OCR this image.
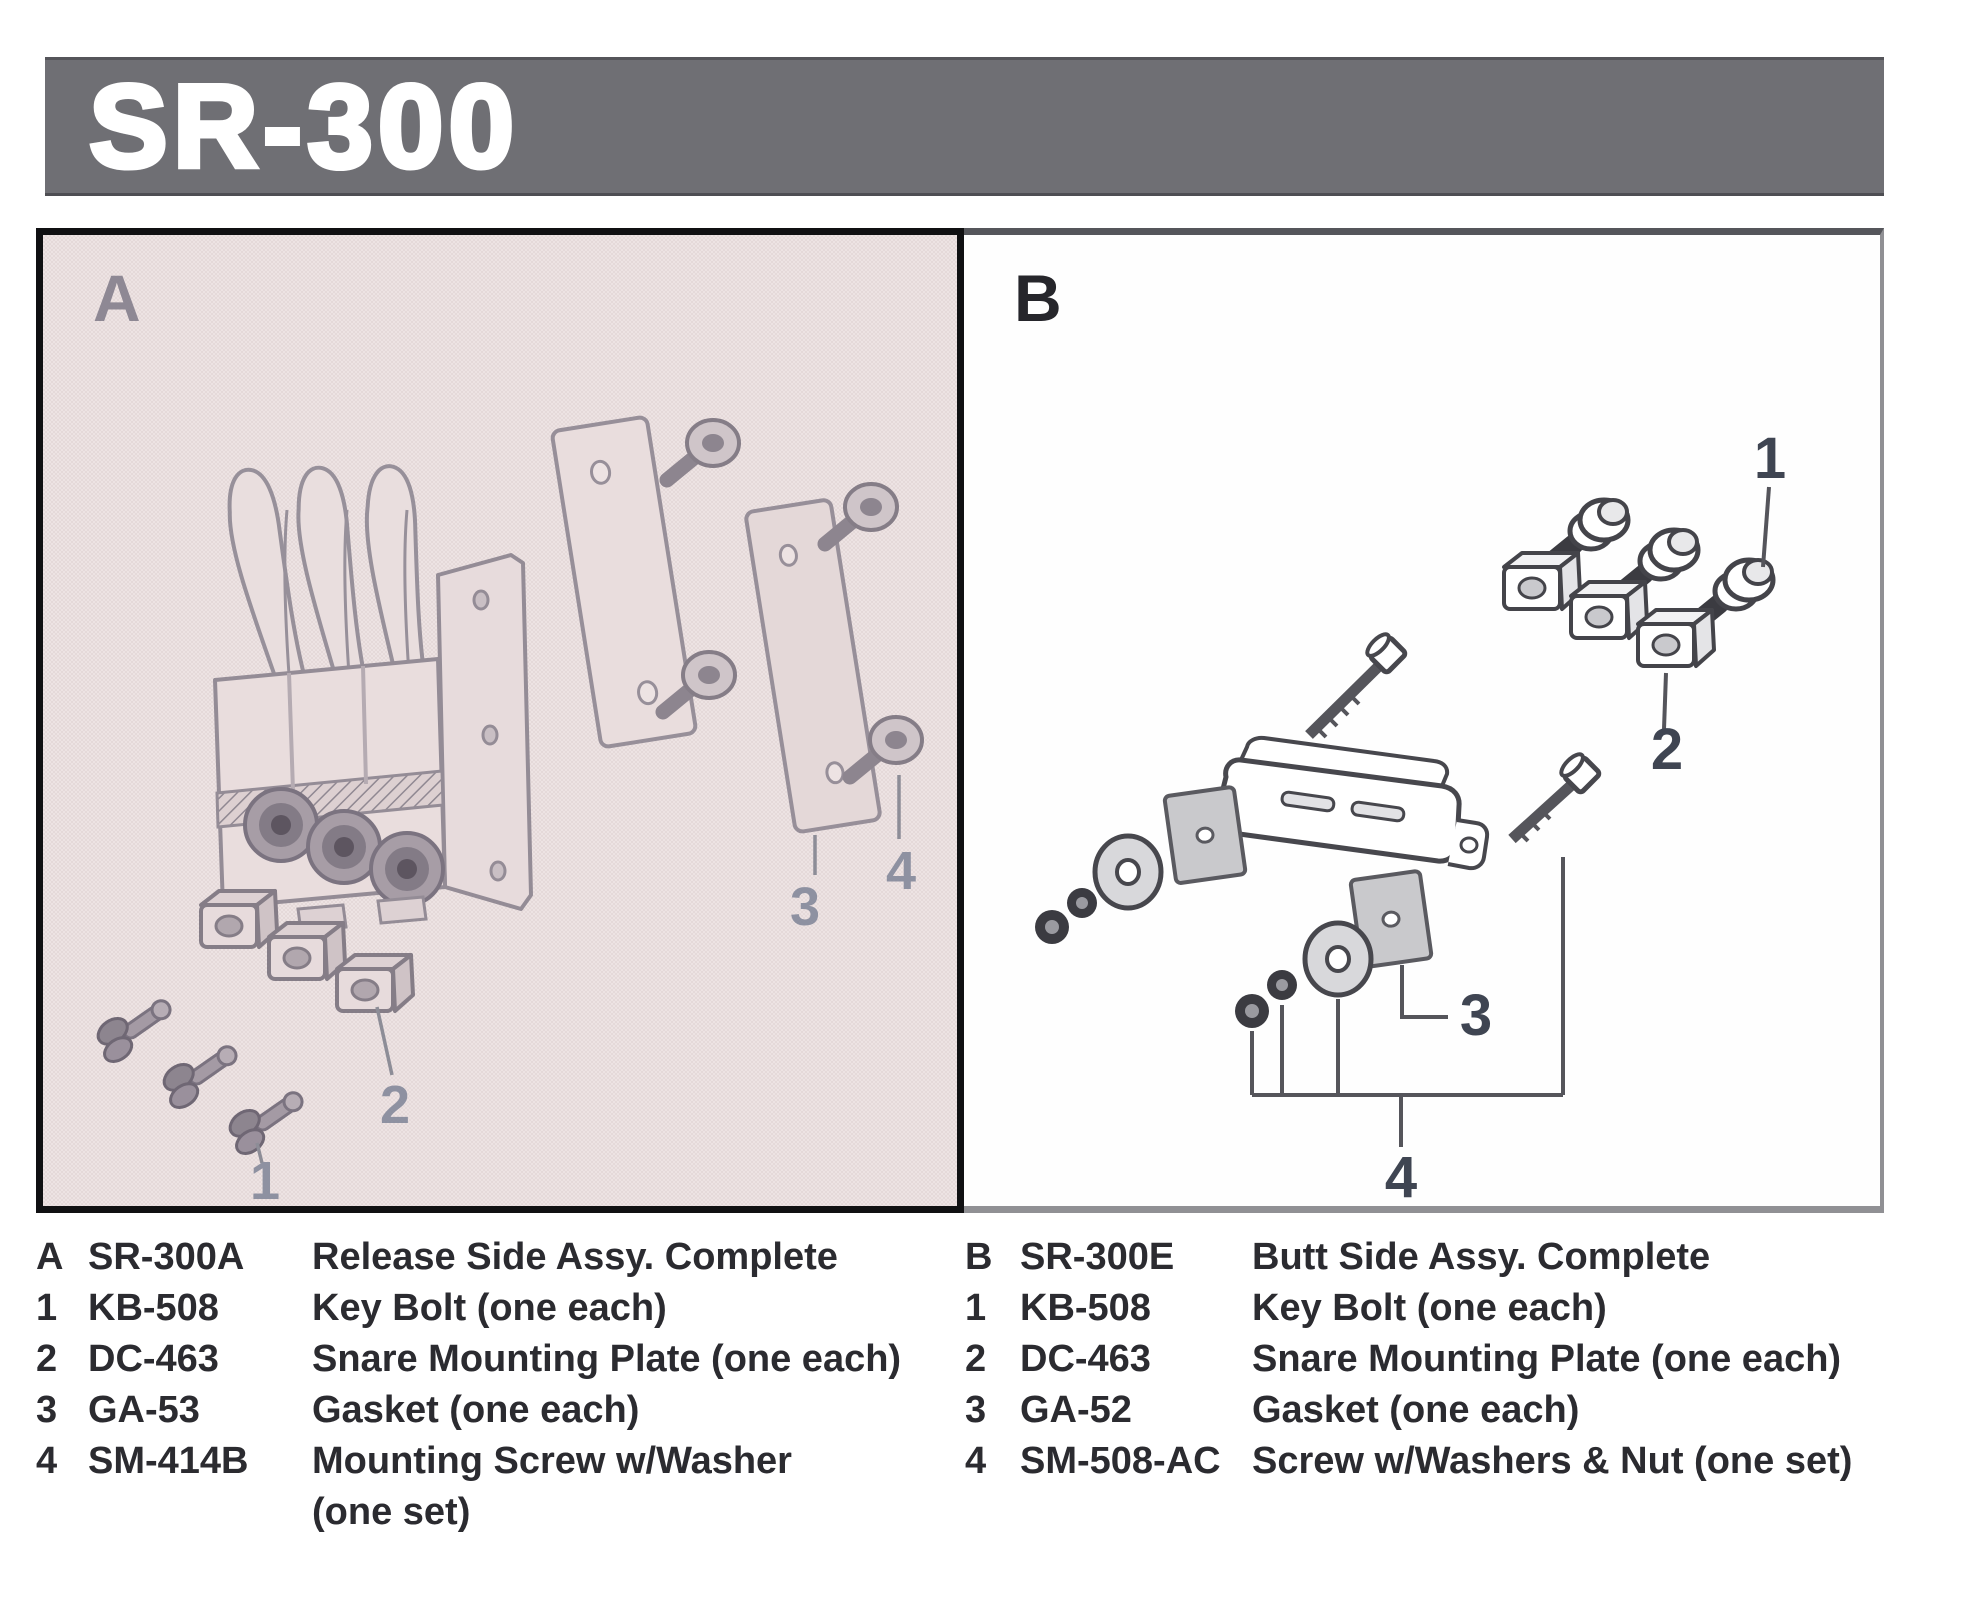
SR-300
A
1
2
3
4
B
1
2
3
4
A SR-300A	Release Side Assy. Complete
1 KB-508	Key Bolt (one each)
2 DC-463	Snare Mounting Plate (one each)
3 GA-53	Gasket (one each)
4 SM-414B	Mounting Screw w/Washer
(one set)
B SR-300E	Butt Side Assy. Complete
1 KB-508	Key Bolt (one each)
2 DC-463	Snare Mounting Plate (one each)
3 GA-52	Gasket (one each)
4 SM-508-AC Screw w/Washers & Nut (one set)
